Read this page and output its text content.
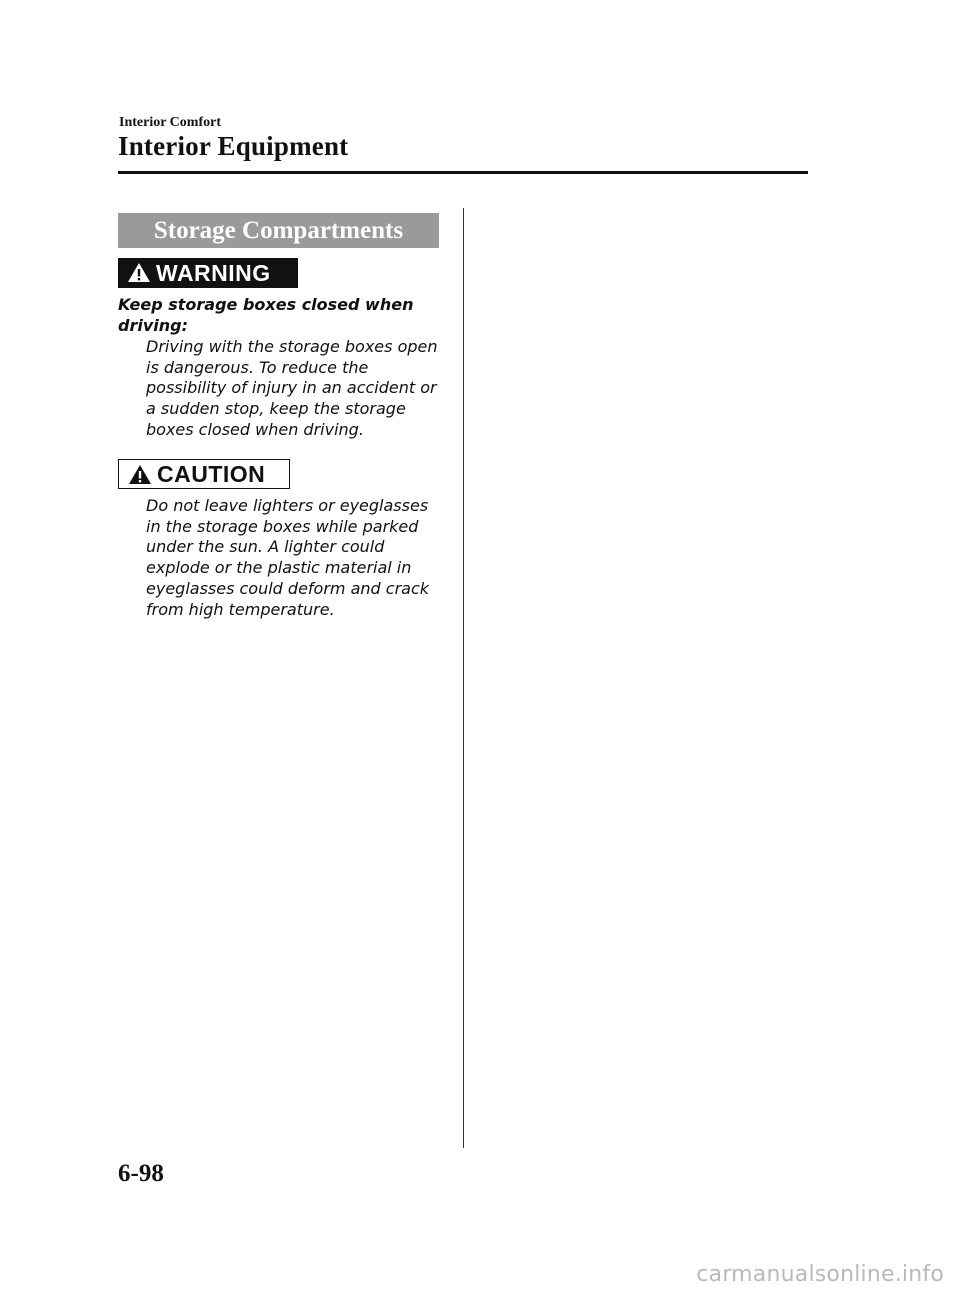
Interior Comfort

Interior Equipment
Storage Compartments
WARNING

Keep storage boxes closed when driving:

Driving with the storage boxes open is dangerous. To reduce the possibility of injury in an accident or a sudden stop, keep the storage boxes closed when driving.

CAUTION

Do not leave lighters or eyeglasses in the storage boxes while parked under the sun. A lighter could explode or the plastic material in eyeglasses could deform and crack from high temperature.

6-98

carmanualsonline.info
